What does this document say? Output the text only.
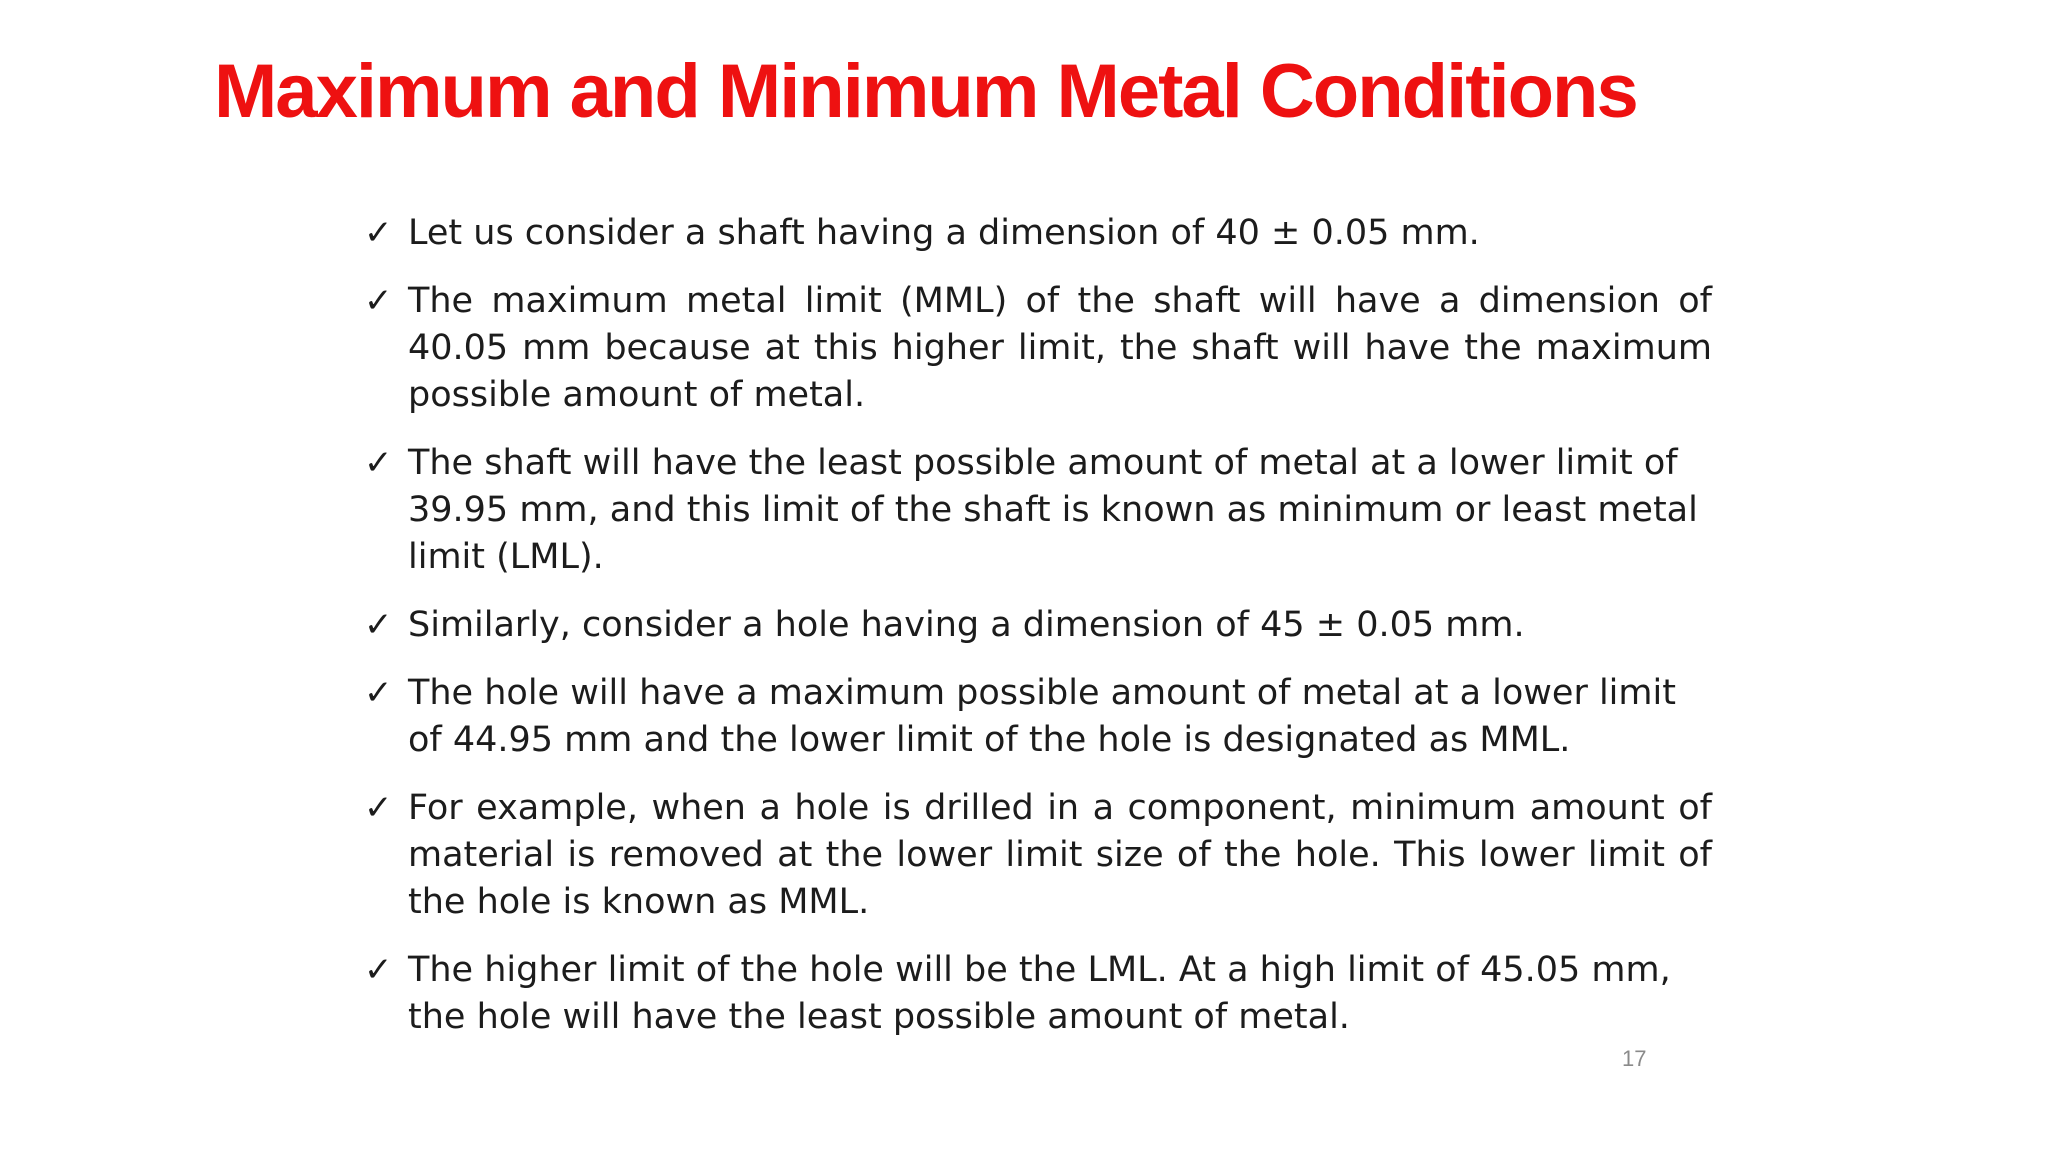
Maximum and Minimum Metal Conditions
✓ Let us consider a shaft having a dimension of 40 ± 0.05 mm.
✓ The maximum metal limit (MML) of the shaft will have a dimension of 40.05 mm because at this higher limit, the shaft will have the maximum possible amount of metal.
✓ The shaft will have the least possible amount of metal at a lower limit of 39.95 mm, and this limit of the shaft is known as minimum or least metal limit (LML).
✓ Similarly, consider a hole having a dimension of 45 ± 0.05 mm.
✓ The hole will have a maximum possible amount of metal at a lower limit of 44.95 mm and the lower limit of the hole is designated as MML.
✓ For example, when a hole is drilled in a component, minimum amount of material is removed at the lower limit size of the hole. This lower limit of the hole is known as MML.
✓ The higher limit of the hole will be the LML. At a high limit of 45.05 mm, the hole will have the least possible amount of metal.
17
